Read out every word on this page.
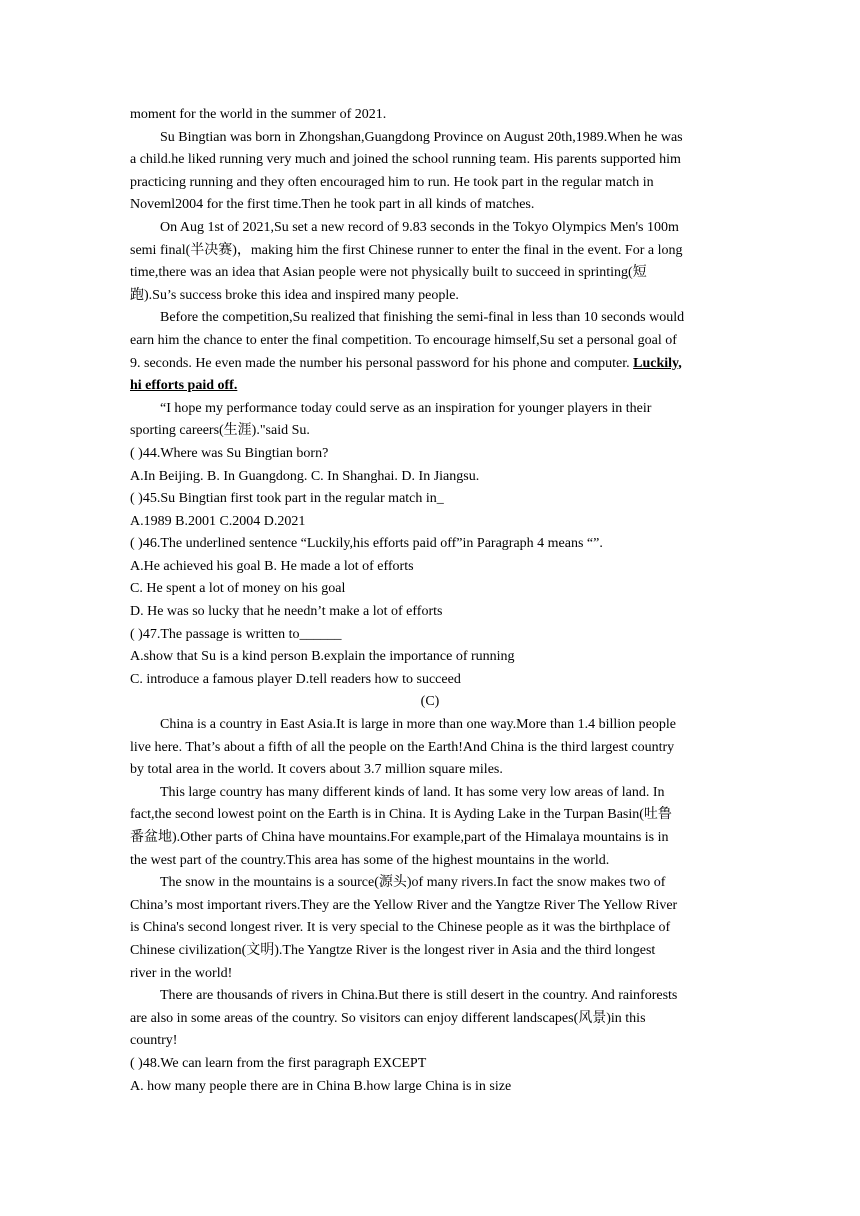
moment for the world in the summer of 2021.
Su Bingtian was born in Zhongshan,Guangdong Province on August 20th,1989.When he was
a child.he liked running very much and joined the school running team. His parents supported him
practicing running and they often encouraged him to run. He took part in the regular match in
Noveml2004 for the first time.Then he took part in all kinds of matches.
On Aug 1st of 2021,Su set a new record of 9.83 seconds in the Tokyo Olympics Men's 100m
semi final(半决赛)，making him the first Chinese runner to enter the final in the event. For a long
time,there was an idea that Asian people were not physically built to succeed in sprinting(短
跑).Su’s success broke this idea and inspired many people.
Before the competition,Su realized that finishing the semi-final in less than 10 seconds would
earn him the chance to enter the final competition. To encourage himself,Su set a personal goal of
9. seconds. He even made the number his personal password for his phone and computer. Luckily,
hi efforts paid off.
“I hope my performance today could serve as an inspiration for younger players in their
sporting careers(生涯)."said Su.
( )44.Where was Su Bingtian born?
A.In Beijing. B. In Guangdong. C. In Shanghai. D. In Jiangsu.
( )45.Su Bingtian first took part in the regular match in_
A.1989 B.2001 C.2004 D.2021
( )46.The underlined sentence “Luckily,his efforts paid off”in Paragraph 4 means “”.
A.He achieved his goal B. He made a lot of efforts
C. He spent a lot of money on his goal
D. He was so lucky that he needn’t make a lot of efforts
( )47.The passage is written to______
A.show that Su is a kind person B.explain the importance of running
C. introduce a famous player D.tell readers how to succeed
(C)
China is a country in East Asia.It is large in more than one way.More than 1.4 billion people
live here. That’s about a fifth of all the people on the Earth!And China is the third largest country
by total area in the world. It covers about 3.7 million square miles.
This large country has many different kinds of land. It has some very low areas of land. In
fact,the second lowest point on the Earth is in China. It is Ayding Lake in the Turpan Basin(吐鲁
番盆地).Other parts of China have mountains.For example,part of the Himalaya mountains is in
the west part of the country.This area has some of the highest mountains in the world.
The snow in the mountains is a source(源头)of many rivers.In fact the snow makes two of
China’s most important rivers.They are the Yellow River and the Yangtze River The Yellow River
is China's second longest river. It is very special to the Chinese people as it was the birthplace of
Chinese civilization(文明).The Yangtze River is the longest river in Asia and the third longest
river in the world!
There are thousands of rivers in China.But there is still desert in the country. And rainforests
are also in some areas of the country. So visitors can enjoy different landscapes(风景)in this
country!
( )48.We can learn from the first paragraph EXCEPT
A. how many people there are in China B.how large China is in size
